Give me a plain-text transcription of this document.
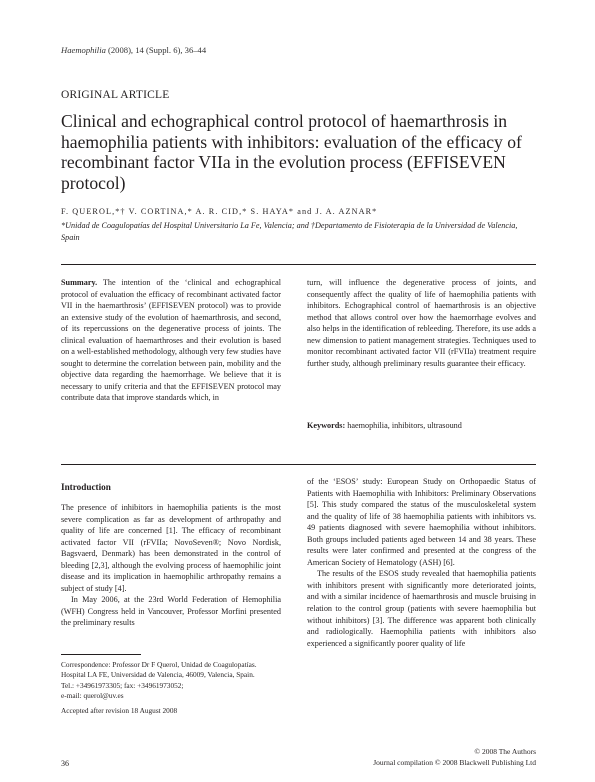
Haemophilia (2008), 14 (Suppl. 6), 36–44
ORIGINAL ARTICLE
Clinical and echographical control protocol of haemarthrosis in haemophilia patients with inhibitors: evaluation of the efficacy of recombinant factor VIIa in the evolution process (EFFISEVEN protocol)
F. QUEROL,*† V. CORTINA,* A. R. CID,* S. HAYA* and J. A. AZNAR*
*Unidad de Coagulopatías del Hospital Universitario La Fe, Valencia; and †Departamento de Fisioterapia de la Universidad de Valencia, Spain
Summary. The intention of the ‘clinical and echographical protocol of evaluation the efficacy of recombinant activated factor VII in the haemarthrosis’ (EFFISEVEN protocol) was to provide an extensive study of the evolution of haemarthrosis, and second, of its repercussions on the degenerative process of joints. The clinical evaluation of haemarthroses and their evolution is based on a well-established methodology, although very few studies have sought to determine the correlation between pain, mobility and the objective data regarding the haemorrhage. We believe that it is necessary to unify criteria and that the EFFISEVEN protocol may contribute data that improve standards which, in
turn, will influence the degenerative process of joints, and consequently affect the quality of life of haemophilia patients with inhibitors. Echographical control of haemarthrosis is an objective method that allows control over how the haemorrhage evolves and also helps in the identification of rebleeding. Therefore, its use adds a new dimension to patient management strategies. Techniques used to monitor recombinant activated factor VII (rFVIIa) treatment require further study, although preliminary results guarantee their efficacy.
Keywords: haemophilia, inhibitors, ultrasound
Introduction

The presence of inhibitors in haemophilia patients is the most severe complication as far as development of arthropathy and quality of life are concerned [1]. The efficacy of recombinant activated factor VII (rFVIIa; NovoSeven®; Novo Nordisk, Bagsvaerd, Denmark) has been demonstrated in the control of bleeding [2,3], although the evolving process of haemophilic joint disease and its implication in haemophilic arthropathy remains a subject of study [4].

In May 2006, at the 23rd World Federation of Hemophilia (WFH) Congress held in Vancouver, Professor Morfini presented the preliminary results

of the ‘ESOS’ study: European Study on Orthopaedic Status of Patients with Haemophilia with Inhibitors: Preliminary Observations [5]. This study compared the status of the musculoskeletal system and the quality of life of 38 haemophilia patients with inhibitors vs. 49 patients diagnosed with severe haemophilia without inhibitors. Both groups included patients aged between 14 and 38 years. These results were later confirmed and presented at the congress of the American Society of Hematology (ASH) [6].

The results of the ESOS study revealed that haemophilia patients with inhibitors present with significantly more deteriorated joints, and with a similar incidence of haemarthrosis and muscle bruising in relation to the control group (patients with severe haemophilia but without inhibitors) [3]. The difference was apparent both clinically and radiologically. Haemophilia patients with inhibitors also experienced a significantly poorer quality of life

Correspondence: Professor Dr F Querol, Unidad de Coagulopatías.
Hospital LA FE, Universidad de Valencia, 46009, Valencia, Spain.
Tel.: +34961973305; fax: +34961973052;
e-mail: querol@uv.es
Accepted after revision 18 August 2008
36
© 2008 The Authors
Journal compilation © 2008 Blackwell Publishing Ltd
